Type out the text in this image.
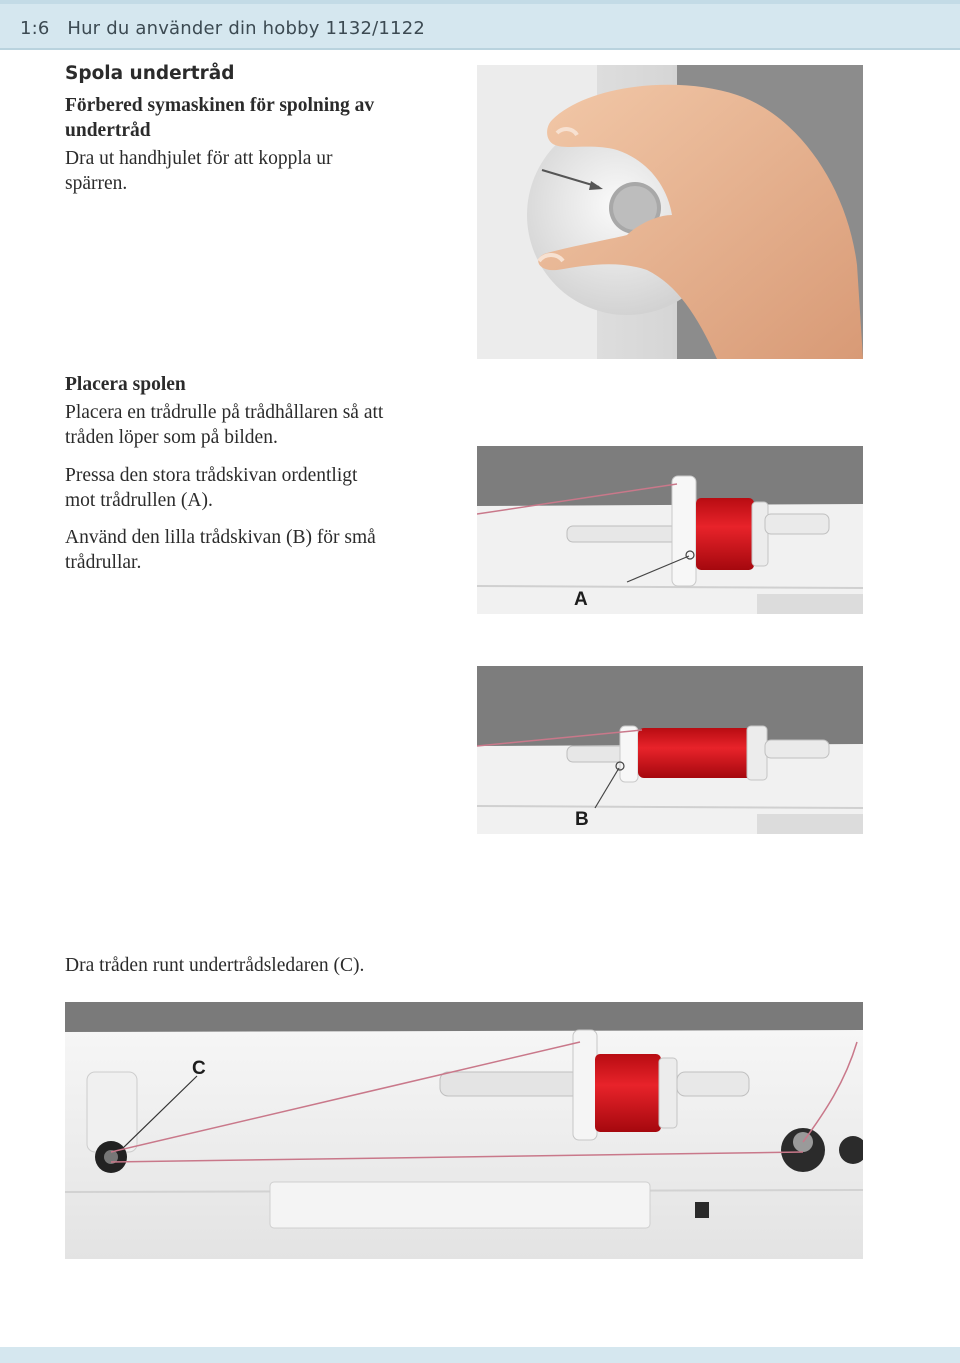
1:6 Hur du använder din hobby 1132/1122
Spola undertråd
Förbered symaskinen för spolning av
undertråd
Dra ut handhjulet för att koppla ur
spärren.
Placera spolen
Placera en trådrulle på trådhållaren så att
tråden löper som på bilden.
Pressa den stora trådskivan ordentligt
mot trådrullen (A).
Använd den lilla trådskivan (B) för små
trådrullar.
A
B
Dra tråden runt undertrådsledaren (C).
C
